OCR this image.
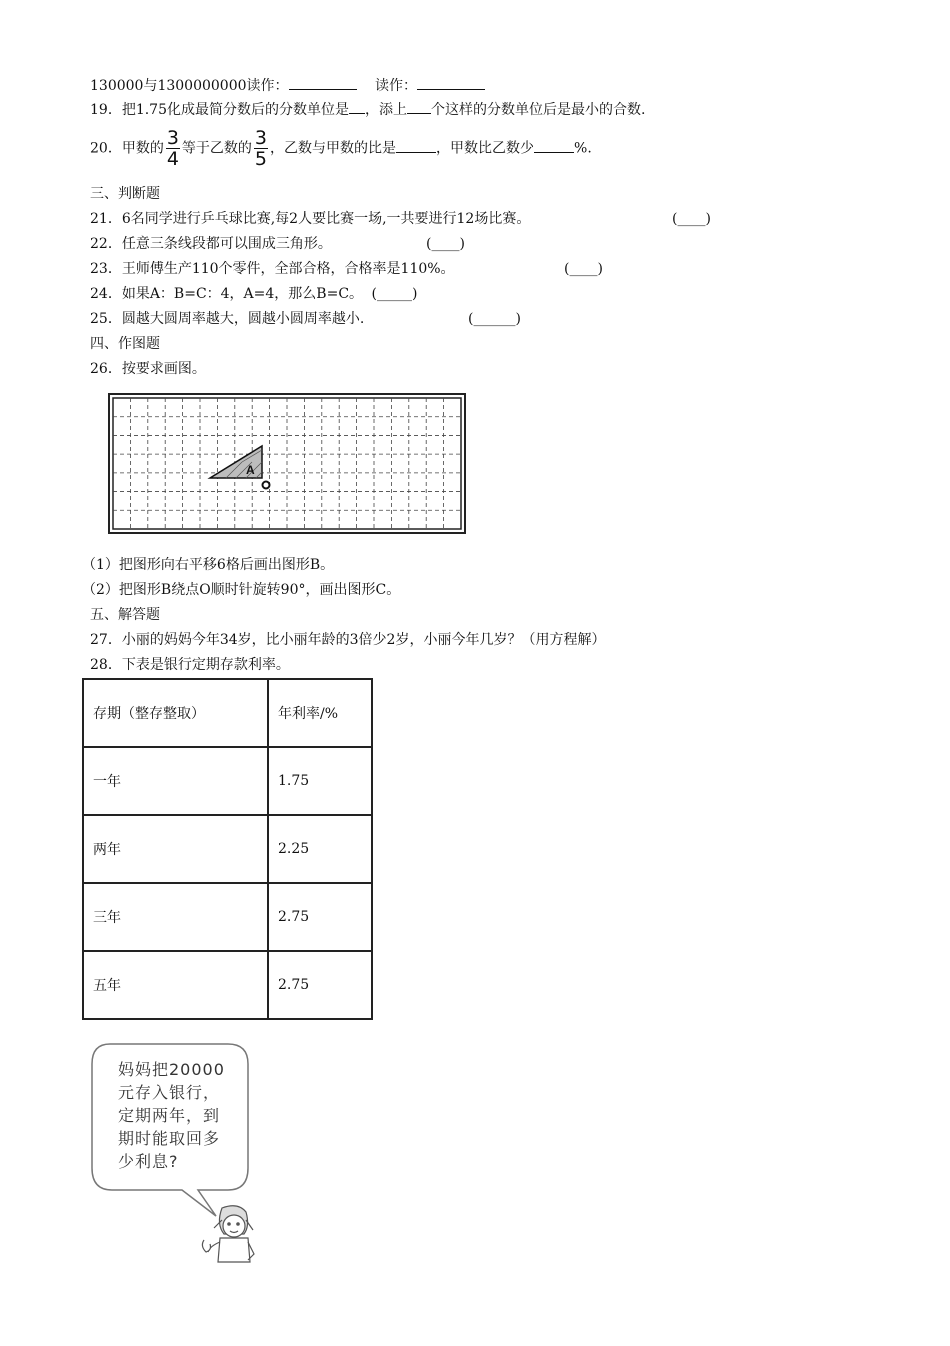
130000与1300000000读作：	读作：
19．把1.75化成最简分数后的分数单位是 ，添上 个这样的分数单位后是最小的合数.
20．甲数的 $\frac{3}{4}$ 等于乙数的 $\frac{3}{5}$ ，乙数与甲数的比是	，甲数比乙数少	%.
三、判断题
21．6名同学进行乒乓球比赛,每2人要比赛一场,一共要进行12场比赛。	(____)
22．任意三条线段都可以围成三角形。	(____)
23．王师傅生产110个零件，全部合格，合格率是110%。	(____)
24．如果A：B=C：4，A=4，那么B=C。 (_____)
25．圆越大圆周率越大，圆越小圆周率越小.	(______)
四、作图题
26．按要求画图。
A
（1）把图形向右平移6格后画出图形B。
（2）把图形B绕点O顺时针旋转90°，画出图形C。
五、解答题
27．小丽的妈妈今年34岁，比小丽年龄的3倍少2岁，小丽今年几岁？（用方程解）
28．下表是银行定期存款利率。
存期（整存整取）	年利率/%
一年	1.75
两年	2.25
三年	2.75
五年	2.75
妈妈把20000
元存入银行，
定期两年，到
期时能取回多
少利息?
